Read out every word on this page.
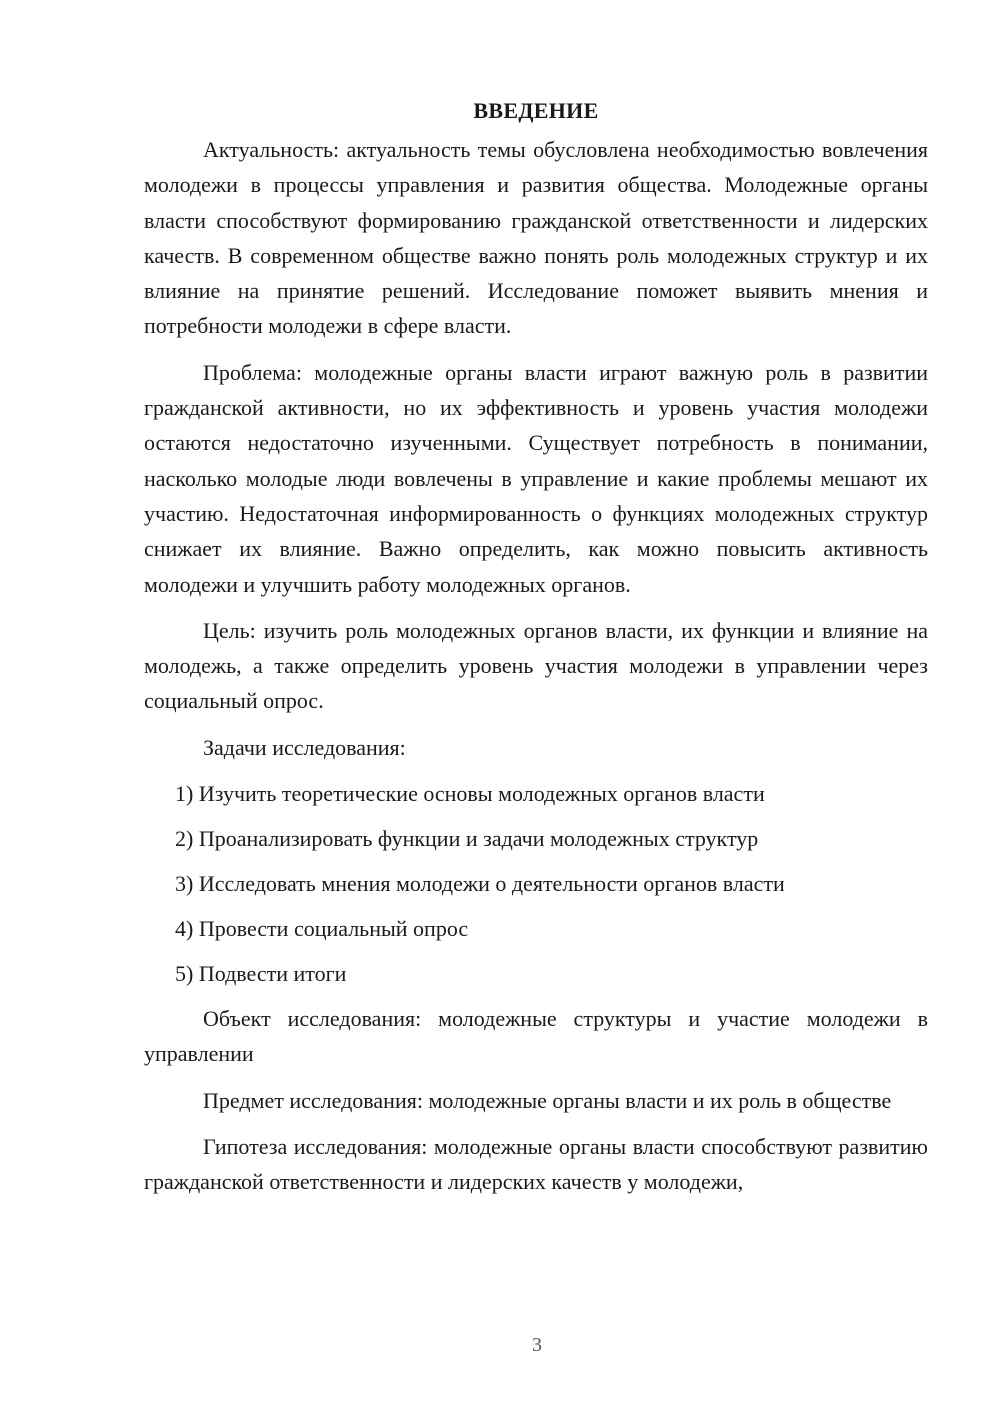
ВВЕДЕНИЕ

Актуальность: актуальность темы обусловлена необходимостью вовлечения молодежи в процессы управления и развития общества. Молодежные органы власти способствуют формированию гражданской ответственности и лидерских качеств. В современном обществе важно понять роль молодежных структур и их влияние на принятие решений. Исследование поможет выявить мнения и потребности молодежи в сфере власти.

Проблема: молодежные органы власти играют важную роль в развитии гражданской активности, но их эффективность и уровень участия молодежи остаются недостаточно изученными. Существует потребность в понимании, насколько молодые люди вовлечены в управление и какие проблемы мешают их участию. Недостаточная информированность о функциях молодежных структур снижает их влияние. Важно определить, как можно повысить активность молодежи и улучшить работу молодежных органов.

Цель: изучить роль молодежных органов власти, их функции и влияние на молодежь, а также определить уровень участия молодежи в управлении через социальный опрос.

Задачи исследования:

1) Изучить теоретические основы молодежных органов власти
2) Проанализировать функции и задачи молодежных структур
3) Исследовать мнения молодежи о деятельности органов власти
4) Провести социальный опрос
5) Подвести итоги

Объект исследования: молодежные структуры и участие молодежи в управлении

Предмет исследования: молодежные органы власти и их роль в обществе

Гипотеза исследования: молодежные органы власти способствуют развитию гражданской ответственности и лидерских качеств у молодежи,

3
